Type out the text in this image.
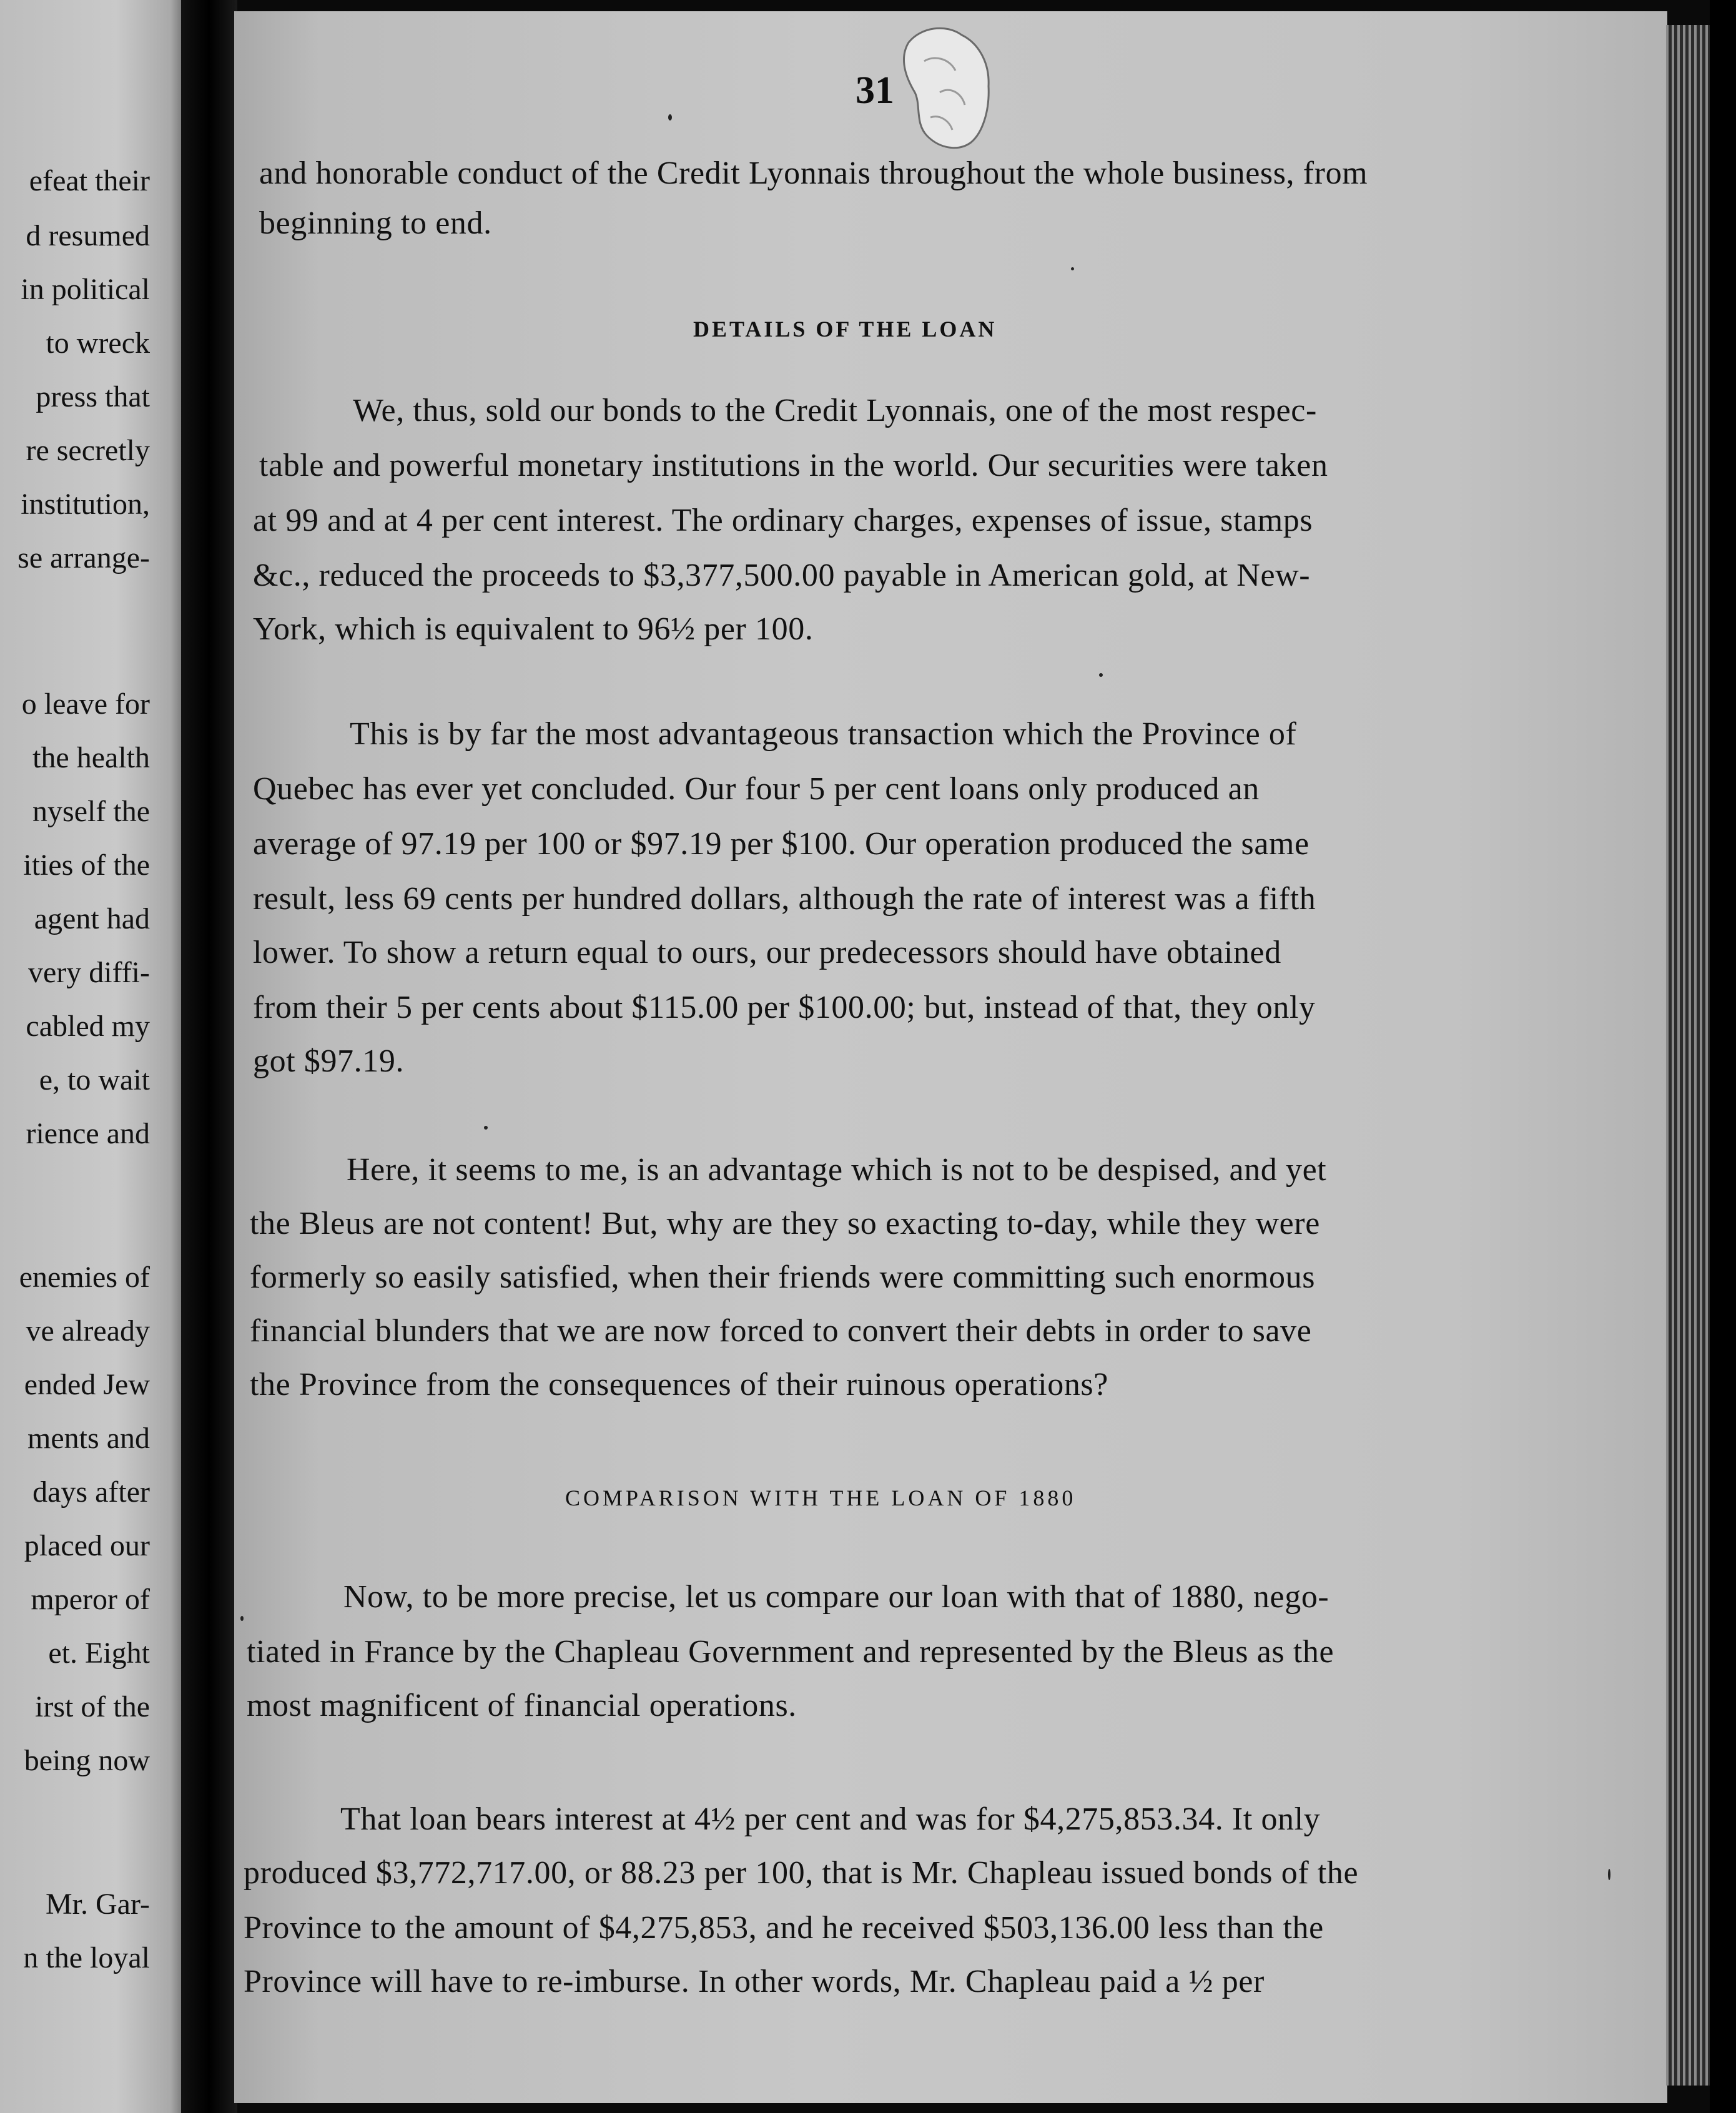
efeat their
d resumed
in political
to wreck
press that
re secretly
institution,
se arrange-
o leave for
the health
nyself the
ities of the
agent had
very diffi-
cabled my
e, to wait
rience and
enemies of
ve already
ended Jew
ments and
days after
placed our
mperor of
et. Eight
irst of the
being now
Mr. Gar-
n the loyal
31
and honorable conduct of the Credit Lyonnais throughout the whole business, from
beginning to end.
DETAILS OF THE LOAN
We, thus, sold our bonds to the Credit Lyonnais, one of the most respec-
table and powerful monetary institutions in the world. Our securities were taken
at 99 and at 4 per cent interest. The ordinary charges, expenses of issue, stamps
&c., reduced the proceeds to $3,377,500.00 payable in American gold, at New-
York, which is equivalent to 96½ per 100.
This is by far the most advantageous transaction which the Province of
Quebec has ever yet concluded. Our four 5 per cent loans only produced an
average of 97.19 per 100 or $97.19 per $100. Our operation produced the same
result, less 69 cents per hundred dollars, although the rate of interest was a fifth
lower. To show a return equal to ours, our predecessors should have obtained
from their 5 per cents about $115.00 per $100.00; but, instead of that, they only
got $97.19.
Here, it seems to me, is an advantage which is not to be despised, and yet
the Bleus are not content! But, why are they so exacting to-day, while they were
formerly so easily satisfied, when their friends were committing such enormous
financial blunders that we are now forced to convert their debts in order to save
the Province from the consequences of their ruinous operations?
COMPARISON WITH THE LOAN OF 1880
Now, to be more precise, let us compare our loan with that of 1880, nego-
tiated in France by the Chapleau Government and represented by the Bleus as the
most magnificent of financial operations.
That loan bears interest at 4½ per cent and was for $4,275,853.34. It only
produced $3,772,717.00, or 88.23 per 100, that is Mr. Chapleau issued bonds of the
Province to the amount of $4,275,853, and he received $503,136.00 less than the
Province will have to re-imburse. In other words, Mr. Chapleau paid a ½ per
